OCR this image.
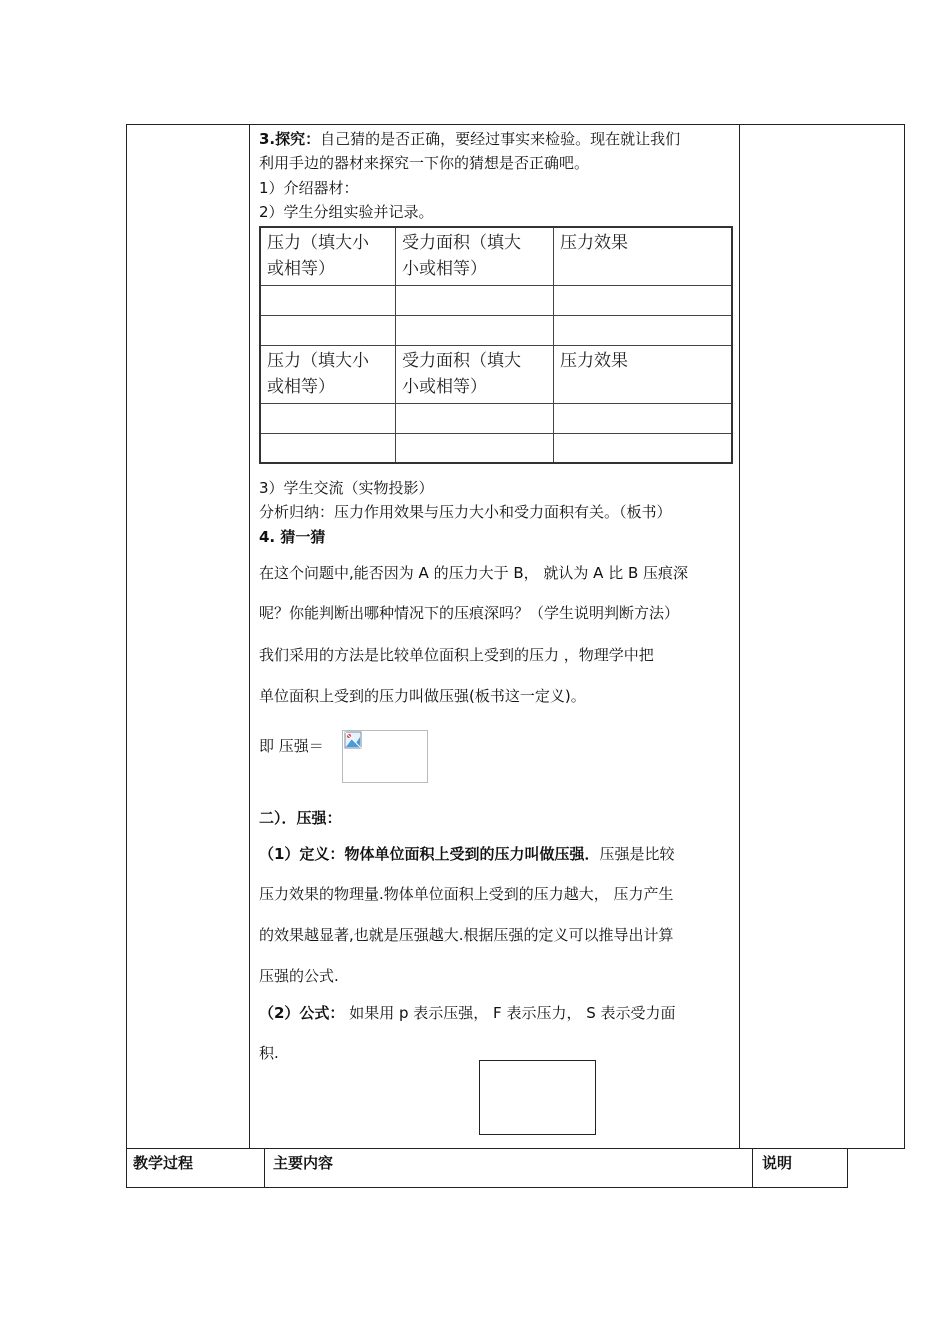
3.探究：自己猜的是否正确，要经过事实来检验。现在就让我们
利用手边的器材来探究一下你的猜想是否正确吧。
1）介绍器材：
2）学生分组实验并记录。
压力（填大小
或相等）	受力面积（填大
小或相等）	压力效果

压力（填大小
或相等）	受力面积（填大
小或相等）	压力效果

3）学生交流（实物投影）
分析归纳：压力作用效果与压力大小和受力面积有关。（板书）
4. 猜一猜
在这个问题中,能否因为 A 的压力大于 B， 就认为 A 比 B 压痕深
呢？你能判断出哪种情况下的压痕深吗？（学生说明判断方法）
我们采用的方法是比较单位面积上受到的压力 ，物理学中把
单位面积上受到的压力叫做压强(板书这一定义)。
即 压强＝
二）．压强：
（1）定义：物体单位面积上受到的压力叫做压强．压强是比较
压力效果的物理量.物体单位面积上受到的压力越大， 压力产生
的效果越显著,也就是压强越大.根据压强的定义可以推导出计算
压强的公式.
（2）公式： 如果用 p 表示压强， F 表示压力， S 表示受力面
积.
教学过程	主要内容	说明
